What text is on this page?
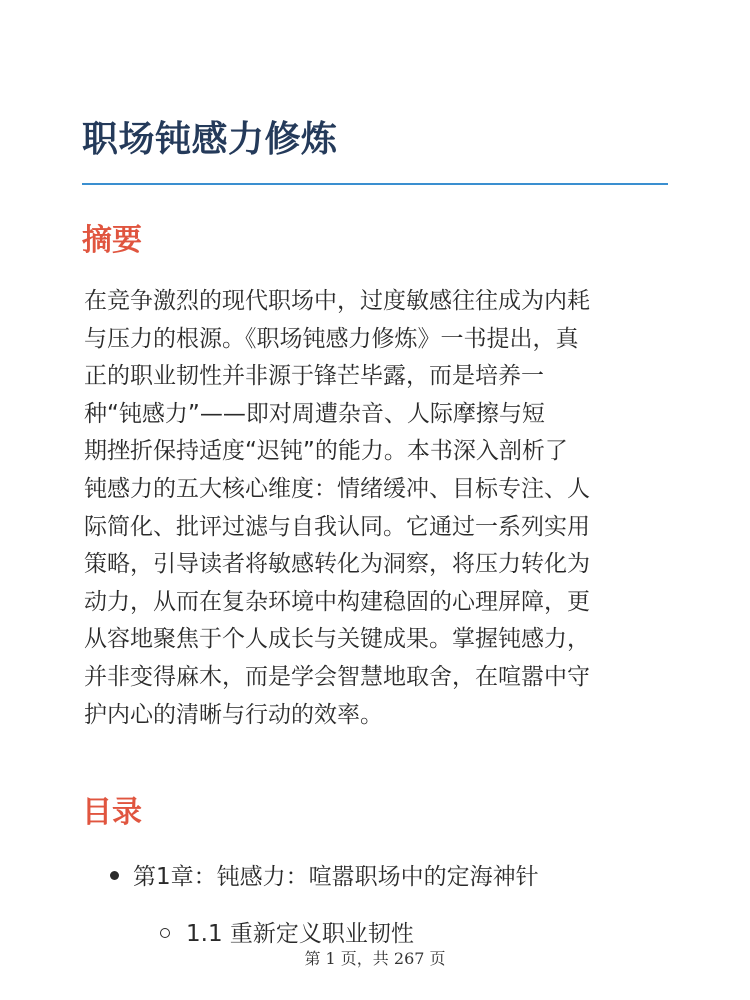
职场钝感力修炼
摘要

在竞争激烈的现代职场中，过度敏感往往成为内耗
与压力的根源。《职场钝感力修炼》一书提出，真
正的职业韧性并非源于锋芒毕露，而是培养一
种“钝感力”——即对周遭杂音、人际摩擦与短
期挫折保持适度“迟钝”的能力。本书深入剖析了
钝感力的五大核心维度：情绪缓冲、目标专注、人
际简化、批评过滤与自我认同。它通过一系列实用
策略，引导读者将敏感转化为洞察，将压力转化为
动力，从而在复杂环境中构建稳固的心理屏障，更
从容地聚焦于个人成长与关键成果。掌握钝感力，
并非变得麻木，而是学会智慧地取舍，在喧嚣中守
护内心的清晰与行动的效率。

目录
第1章：钝感力：喧嚣职场中的定海神针
1.1 重新定义职业韧性
第 1 页，共 267 页
